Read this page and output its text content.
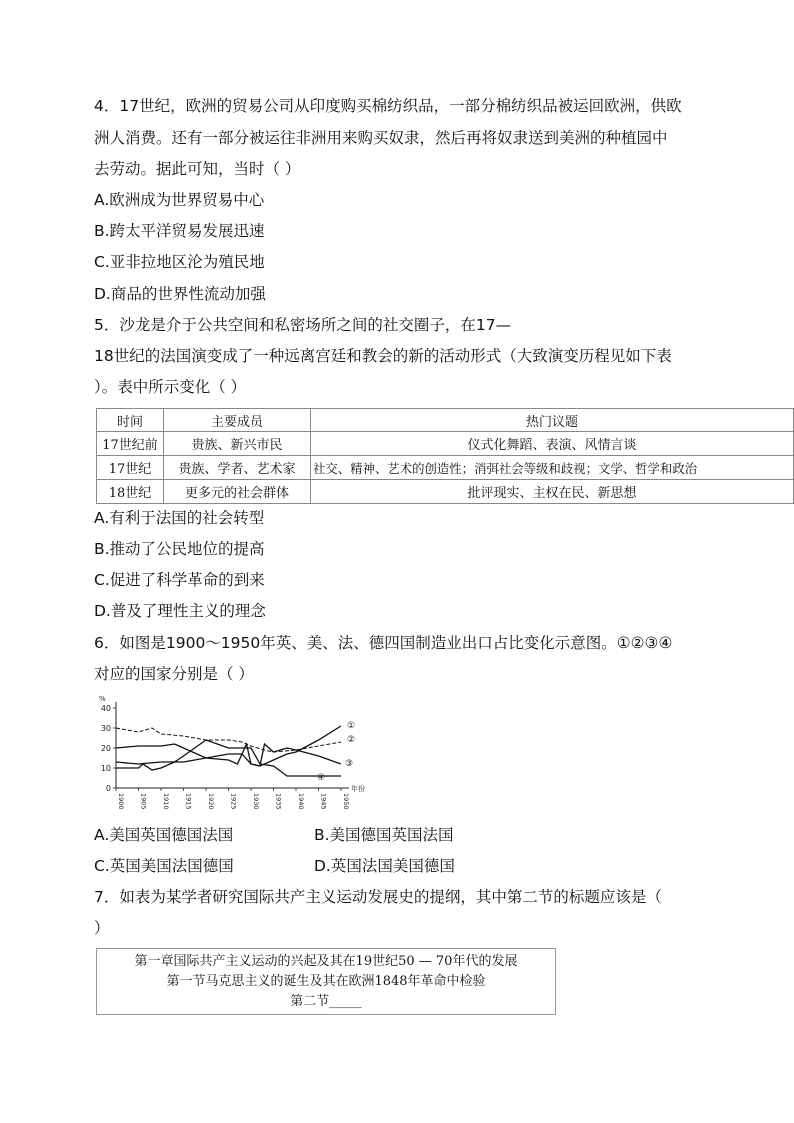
4．17世纪，欧洲的贸易公司从印度购买棉纺织品，一部分棉纺织品被运回欧洲，供欧
洲人消费。还有一部分被运往非洲用来购买奴隶，然后再将奴隶送到美洲的种植园中
去劳动。据此可知，当时（ ）
A.欧洲成为世界贸易中心
B.跨太平洋贸易发展迅速
C.亚非拉地区沦为殖民地
D.商品的世界性流动加强
5．沙龙是介于公共空间和私密场所之间的社交圈子，在17—
18世纪的法国演变成了一种远离宫廷和教会的新的活动形式（大致演变历程见如下表
）。表中所示变化（ ）
时间	主要成员	热门议题
17世纪前	贵族、新兴市民	仪式化舞蹈、表演、风情言谈
17世纪	贵族、学者、艺术家	社交、精神、艺术的创造性；消弭社会等级和歧视；文学、哲学和政治
18世纪	更多元的社会群体	批评现实、主权在民、新思想
A.有利于法国的社会转型
B.推动了公民地位的提高
C.促进了科学革命的到来
D.普及了理性主义的理念
6．如图是1900～1950年英、美、法、德四国制造业出口占比变化示意图。①②③④
对应的国家分别是（ ）
%
0
10
20
30
40
1900 1905 1910 1915 1920 1925 1930 1935 1940 1945 1950
年份
①
②
③
④
A.美国英国德国法国	B.美国德国英国法国
C.英国美国法国德国	D.英国法国美国德国
7．如表为某学者研究国际共产主义运动发展史的提纲，其中第二节的标题应该是（
）
第一章国际共产主义运动的兴起及其在19世纪50 — 70年代的发展
第一节马克思主义的诞生及其在欧洲1848年革命中检验
第二节_____
